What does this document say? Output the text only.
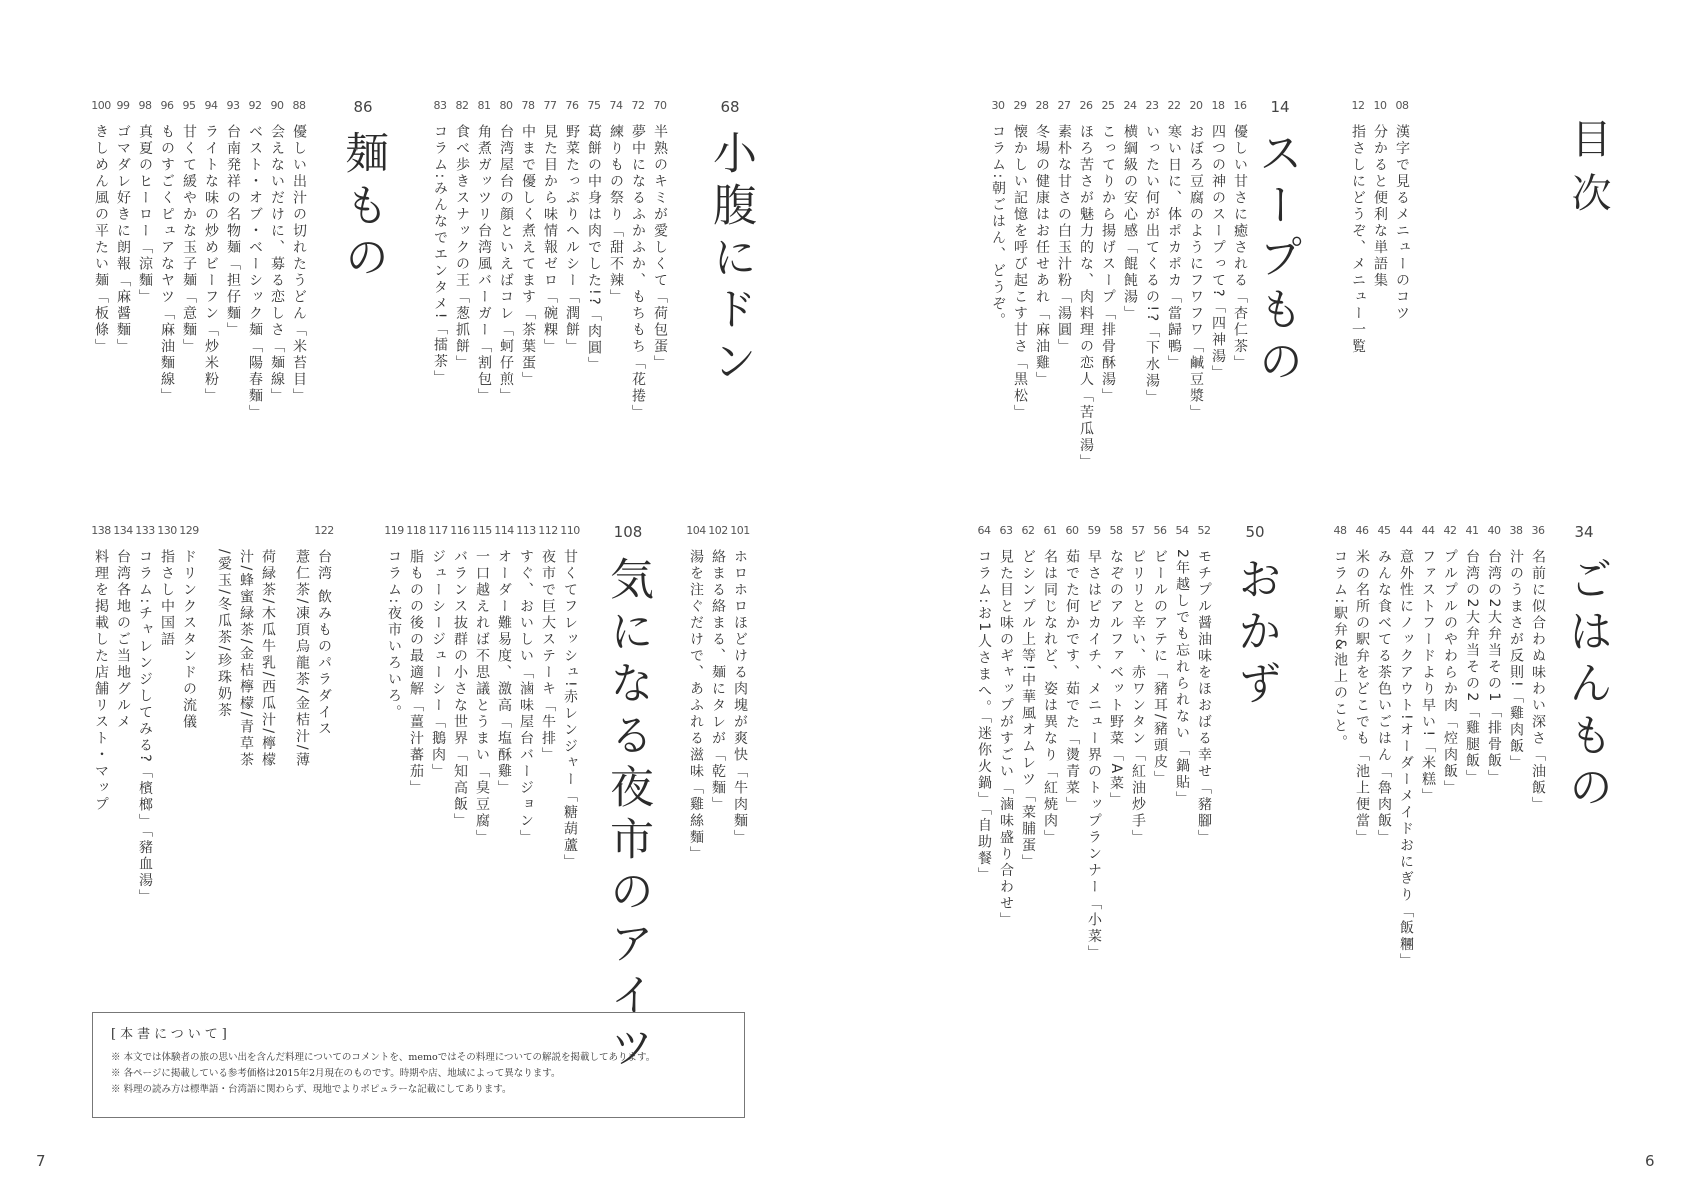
目次
08
漢字で見るメニューのコツ
10
分かると便利な単語集
12
指さしにどうぞ、メニュー一覧
14
スープもの
16
優しい甘さに癒される「杏仁茶」
18
四つの神のスープって?「四神湯」
20
おぼろ豆腐のようにフワフワ「鹹豆漿」
22
寒い日に、体ポカポカ「當歸鴨」
23
いったい何が出てくるの!?「下水湯」
24
横綱級の安心感「餛飩湯」
25
こってりから揚げスープ「排骨酥湯」
26
ほろ苦さが魅力的な、肉料理の恋人「苦瓜湯」
27
素朴な甘さの白玉汁粉「湯圓」
28
冬場の健康はお任せあれ「麻油雞」
29
懐かしい記憶を呼び起こす甘さ「黒松」
30
コラム:朝ごはん、どうぞ。
34
ごはんもの
36
名前に似合わぬ味わい深さ「油飯」
38
汁のうまさが反則!「雞肉飯」
40
台湾の2大弁当その1「排骨飯」
41
台湾の2大弁当その2「雞腿飯」
42
プルプルのやわらか肉「焢肉飯」
44
ファストフードより早い!「米糕」
44
意外性にノックアウト!オーダーメイドおにぎり「飯糰」
45
みんな食べてる茶色いごはん「魯肉飯」
46
米の名所の駅弁をどこでも「池上便當」
48
コラム:駅弁&池上のこと。
50
おかず
52
モチプル醤油味をほおばる幸せ「豬腳」
54
2年越しでも忘れられない「鍋貼」
56
ビールのアテに「豬耳/豬頭皮」
57
ピリリと辛い、赤ワンタン「紅油炒手」
58
なぞのアルファベット野菜「A菜」
59
早さはピカイチ、メニュー界のトップランナー「小菜」
60
茹でた何かです、茹でた「燙青菜」
61
名は同じなれど、姿は異なり「紅焼肉」
62
どシンプル上等!中華風オムレツ「菜脯蛋」
63
見た目と味のギャップがすごい「滷味盛り合わせ」
64
コラム:お1人さまへ。「迷你火鍋」「自助餐」
68
小腹にドン
70
半熟のキミが愛しくて「荷包蛋」
72
夢中になるふかふか、もちもち「花捲」
74
練りもの祭り「甜不辣」
75
葛餅の中身は肉でした!?「肉圓」
76
野菜たっぷりヘルシー「潤餅」
77
見た目から味情報ゼロ「碗粿」
78
中まで優しく煮えてます「茶葉蛋」
80
台湾屋台の顔といえばコレ「蚵仔煎」
81
角煮ガッツリ台湾風バーガー「割包」
82
食べ歩きスナックの王「葱抓餅」
83
コラム:みんなでエンタメ!「擂茶」
86
麺もの
88
優しい出汁の切れたうどん「米苔目」
90
会えないだけに、募る恋しさ「麺線」
92
ベスト・オブ・ベーシック麺「陽春麵」
93
台南発祥の名物麺「担仔麵」
94
ライトな味の炒めビーフン「炒米粉」
95
甘くて緩やかな玉子麺「意麵」
96
ものすごくピュアなヤツ「麻油麵線」
98
真夏のヒーロー「涼麵」
99
ゴマダレ好きに朗報「麻醤麵」
100
きしめん風の平たい麺「板條」
108
気になる夜市のアイツ
101
ホロホロほどける肉塊が爽快「牛肉麵」
102
絡まる絡まる、麺にタレが「乾麵」
104
湯を注ぐだけで、あふれる滋味「雞絲麵」
110
甘くてフレッシュ!赤レンジャー「糖葫蘆」
112
夜市で巨大ステーキ「牛排」
113
すぐ、おいしい「滷味屋台バージョン」
114
オーダー難易度、激高「塩酥雞」
115
一口越えれば不思議とうまい「臭豆腐」
116
バランス抜群の小さな世界「知高飯」
117
ジューシージューシー「鵝肉」
118
脂ものの後の最適解「薑汁蕃茄」
119
コラム:夜市いろいろ。
122
台湾 飲みものパラダイス
薏仁茶/凍頂烏龍茶/金桔汁/薄
荷緑茶/木瓜牛乳/西瓜汁/檸檬
汁/蜂蜜緑茶/金桔檸檬/青草茶
/愛玉/冬瓜茶/珍珠奶茶
129
ドリンクスタンドの流儀
130
指さし中国語
133
コラム:チャレンジしてみる?「檳榔」「豬血湯」
134
台湾各地のご当地グルメ
138
料理を掲載した店舗リスト・マップ
[本書について]
※ 本文では体験者の旅の思い出を含んだ料理についてのコメントを、memoではその料理についての解説を掲載してあります。
※ 各ページに掲載している参考価格は2015年2月現在のものです。時期や店、地域によって異なります。
※ 料理の読み方は標準語・台湾語に関わらず、現地でよりポピュラーな記載にしてあります。
7	6
